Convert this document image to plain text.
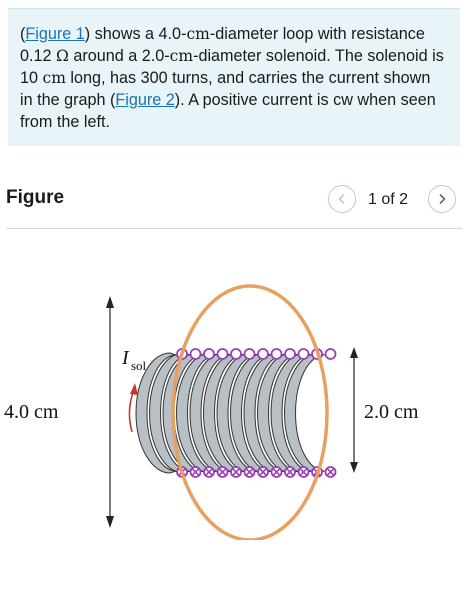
(Figure 1) shows a 4.0-cm-diameter loop with resistance 0.12 Ω around a 2.0-cm-diameter solenoid. The solenoid is 10 cm long, has 300 turns, and carries the current shown in the graph (Figure 2). A positive current is cw when seen from the left.
Figure	1 of 2
4.0 cm	2.0 cm
I sol
